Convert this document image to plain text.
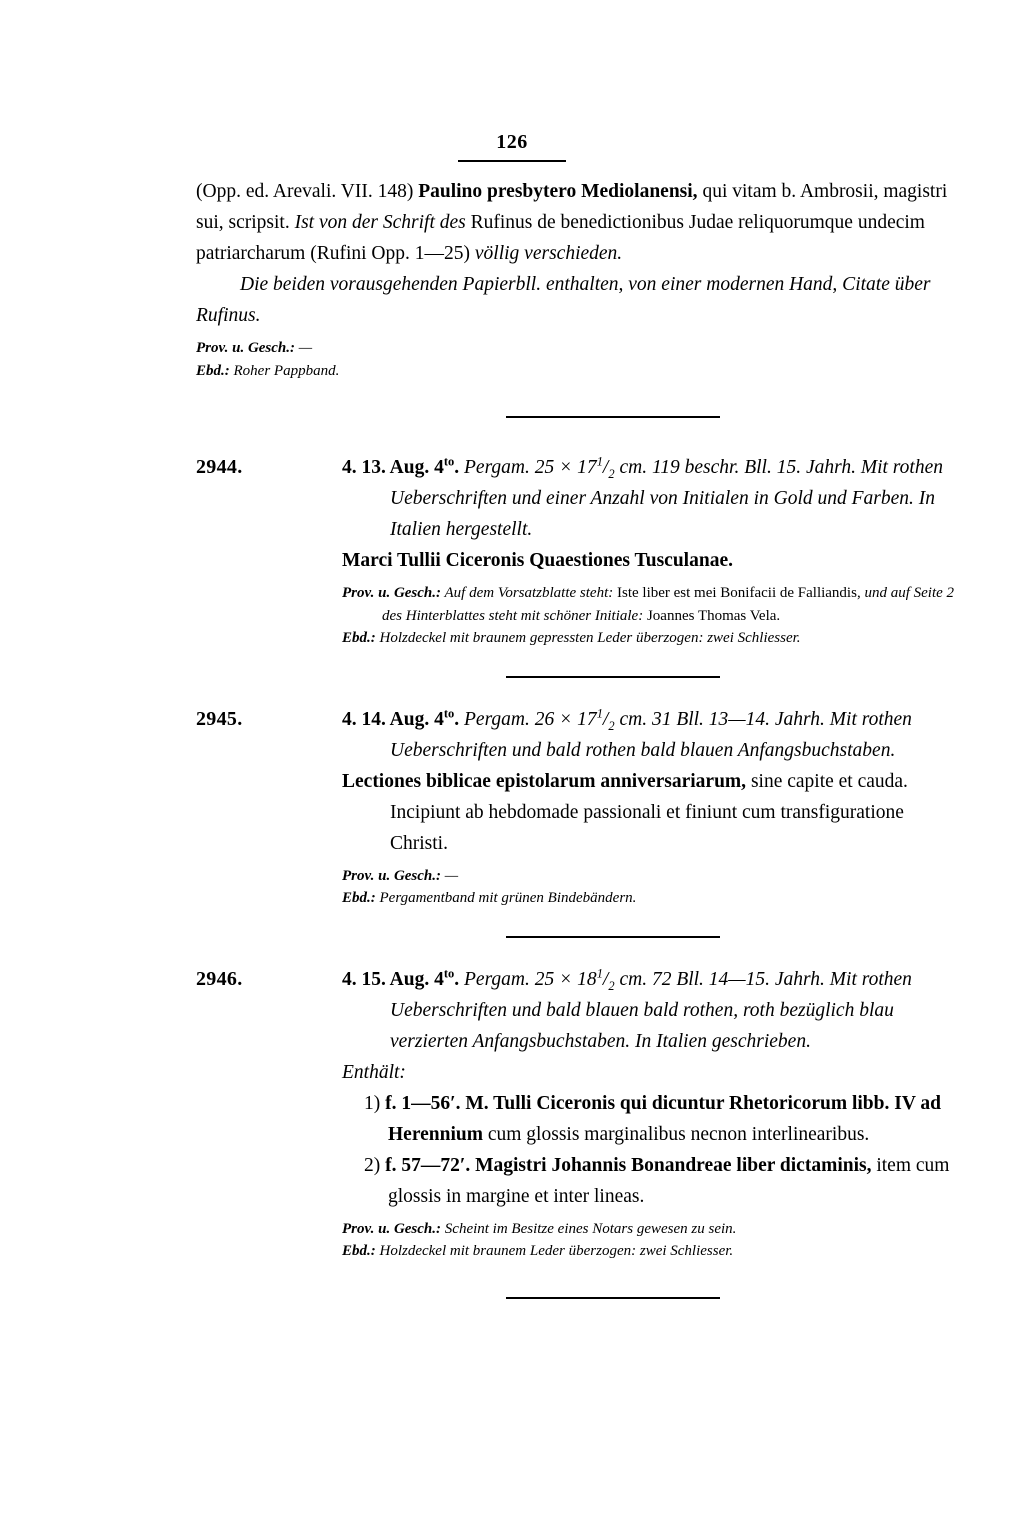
126

(Opp. ed. Arevali. VII. 148) Paulino presbytero Mediolanensi, qui vitam b. Ambrosii, magistri sui, scripsit. Ist von der Schrift des Rufinus de benedictionibus Judae reliquorumque undecim patriarcharum (Rufini Opp. 1—25) völlig verschieden.

Die beiden vorausgehenden Papierbll. enthalten, von einer modernen Hand, Citate über Rufinus.

Prov. u. Gesch.: —

Ebd.: Roher Pappband.

2944.	4. 13. Aug. $4^{to}$. Pergam. $25 \times 17^1/_2$ cm. 119 beschr. Bll. 15. Jahrh. Mit rothen Ueberschriften und einer Anzahl von Initialen in Gold und Farben. In Italien hergestellt.

Marci Tullii Ciceronis Quaestiones Tusculanae.

Prov. u. Gesch.: Auf dem Vorsatzblatte steht: Iste liber est mei Bonifacii de Falliandis, und auf Seite 2 des Hinterblattes steht mit schöner Initiale: Joannes Thomas Vela.

Ebd.: Holzdeckel mit braunem gepressten Leder überzogen: zwei Schliesser.

2945.	4. 14. Aug. $4^{to}$. Pergam. $26 \times 17^1/_2$ cm. 31 Bll. 13—14. Jahrh. Mit rothen Ueberschriften und bald rothen bald blauen Anfangsbuchstaben.

Lectiones biblicae epistolarum anniversariarum, sine capite et cauda. Incipiunt ab hebdomade passionali et finiunt cum transfiguratione Christi.

Prov. u. Gesch.: —

Ebd.: Pergamentband mit grünen Bindebändern.

2946.	4. 15. Aug. $4^{to}$. Pergam. $25 \times 18^1/_2$ cm. 72 Bll. 14—15. Jahrh. Mit rothen Ueberschriften und bald blauen bald rothen, roth bezüglich blau verzierten Anfangsbuchstaben. In Italien geschrieben.

Enthält:

1) f. 1—56′. M. Tulli Ciceronis qui dicuntur Rhetoricorum libb. IV ad Herennium cum glossis marginalibus necnon interlinearibus.

2) f. 57—72′. Magistri Johannis Bonandreae liber dictaminis, item cum glossis in margine et inter lineas.

Prov. u. Gesch.: Scheint im Besitze eines Notars gewesen zu sein.

Ebd.: Holzdeckel mit braunem Leder überzogen: zwei Schliesser.
